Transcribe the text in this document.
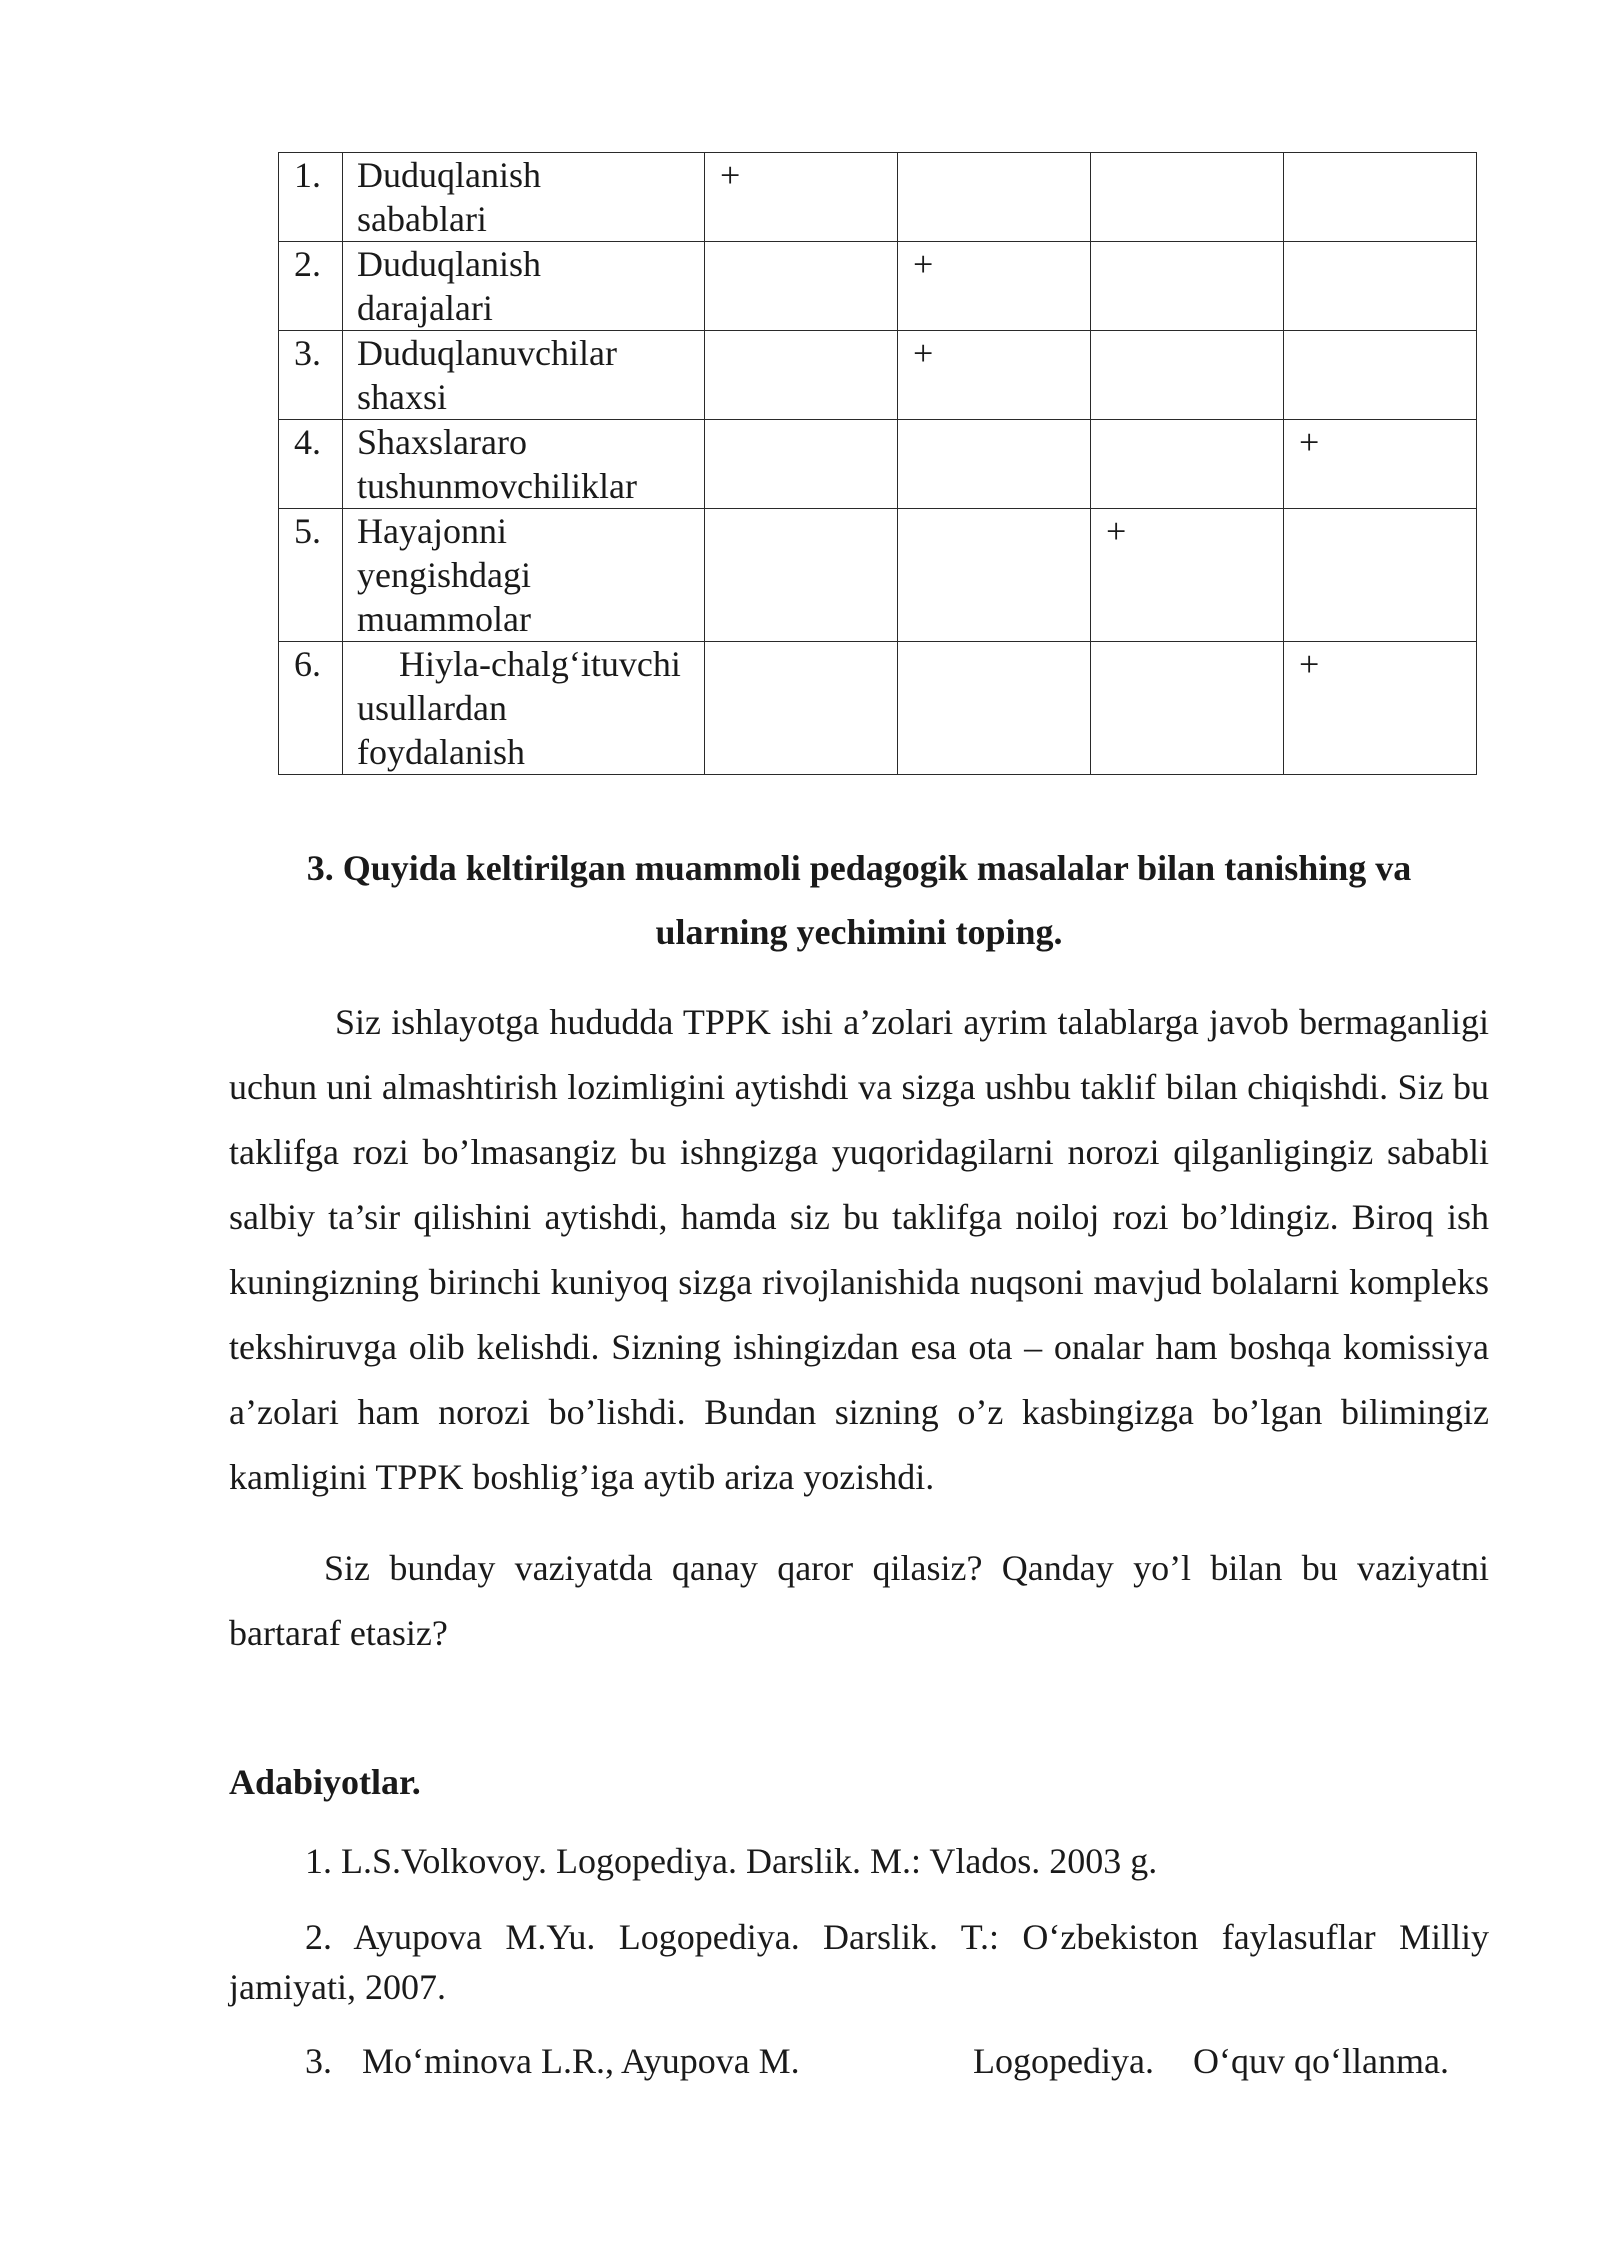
1.	Duduqlanish
sabablari	+			

2.	Duduqlanish
darajalari		+		

3.	Duduqlanuvchilar
shaxsi		+		

4.	Shaxslararo
tushunmovchiliklar				+

5.	Hayajonni
yengishdagi
muammolar			+	

6.	Hiyla-chalg‘ituvchi
usullardan
foydalanish				+
3. Quyida keltirilgan muammoli pedagogik masalalar bilan tanishing va
ularning yechimini toping.

Siz ishlayotga hududda TPPK ishi a’zolari ayrim talablarga javob bermaganligi uchun uni almashtirish lozimligini aytishdi va sizga ushbu taklif bilan chiqishdi. Siz bu taklifga rozi bo’lmasangiz bu ishngizga yuqoridagilarni norozi qilganligingiz sababli salbiy ta’sir qilishini aytishdi, hamda siz bu taklifga noiloj rozi bo’ldingiz. Biroq ish kuningizning birinchi kuniyoq sizga rivojlanishida nuqsoni mavjud bolalarni kompleks tekshiruvga olib kelishdi. Sizning ishingizdan esa ota – onalar ham boshqa komissiya a’zolari ham norozi bo’lishdi. Bundan sizning o’z kasbingizga bo’lgan bilimingiz kamligini TPPK boshlig’iga aytib ariza yozishdi.

Siz bunday vaziyatda qanay qaror qilasiz? Qanday yo’l bilan bu vaziyatni bartaraf etasiz?

Adabiyotlar.

1. L.S.Volkovoy. Logopediya. Darslik. M.: Vlados. 2003 g.

2. Ayupova M.Yu. Logopediya. Darslik. T.: O‘zbekiston faylasuflar Milliy jamiyati, 2007.

3. Mo‘minova L.R., Ayupova M.	Logopediya. O‘quv qo‘llanma.
